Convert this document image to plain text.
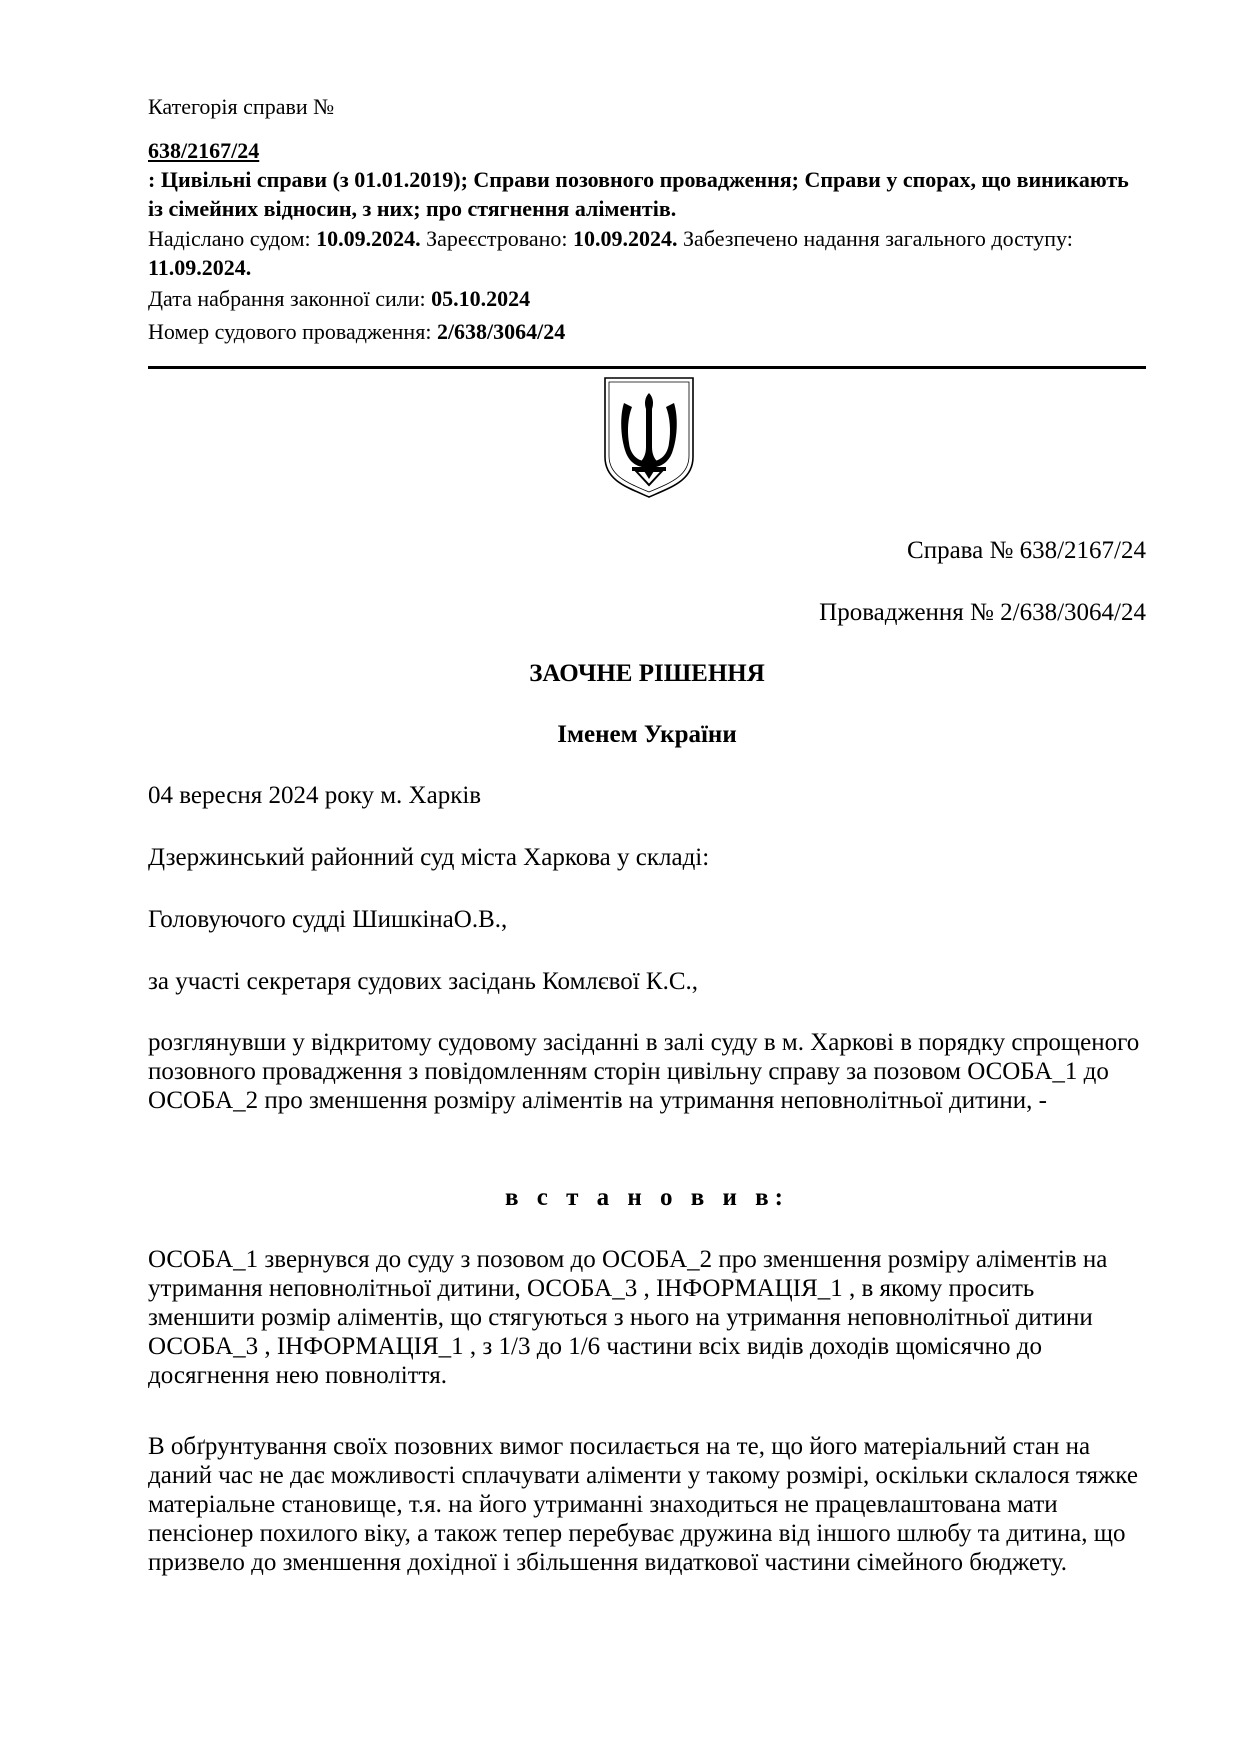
Категорія справи №

638/2167/24

: Цивільні справи (з 01.01.2019); Справи позовного провадження; Справи у спорах, що виникають із сімейних відносин, з них; про стягнення аліментів.

Надіслано судом: 10.09.2024. Зареєстровано: 10.09.2024. Забезпечено надання загального доступу: 11.09.2024.

Дата набрання законної сили: 05.10.2024

Номер судового провадження: 2/638/3064/24

Справа № 638/2167/24

Провадження № 2/638/3064/24

ЗАОЧНЕ РІШЕННЯ

Іменем України

04 вересня 2024 року м. Харків

Дзержинський районний суд міста Харкова у складі:

Головуючого судді ШишкінаО.В.,

за участі секретаря судових засідань Комлєвої К.С.,

розглянувши у відкритому судовому засіданні в залі суду в м. Харкові в порядку спрощеного позовного провадження з повідомленням сторін цивільну справу за позовом ОСОБА_1 до ОСОБА_2 про зменшення розміру аліментів на утримання неповнолітньої дитини, -

в с т а н о в и в:

ОСОБА_1 звернувся до суду з позовом до ОСОБА_2 про зменшення розміру аліментів на утримання неповнолітньої дитини, ОСОБА_3 , ІНФОРМАЦІЯ_1 , в якому просить зменшити розмір аліментів, що стягуються з нього на утримання неповнолітньої дитини ОСОБА_3 , ІНФОРМАЦІЯ_1 , з 1/3 до 1/6 частини всіх видів доходів щомісячно до досягнення нею повноліття.

В обґрунтування своїх позовних вимог посилається на те, що його матеріальний стан на даний час не дає можливості сплачувати аліменти у такому розмірі, оскільки склалося тяжке матеріальне становище, т.я. на його утриманні знаходиться не працевлаштована мати пенсіонер похилого віку, а також тепер перебуває дружина від іншого шлюбу та дитина, що призвело до зменшення дохідної і збільшення видаткової частини сімейного бюджету.
